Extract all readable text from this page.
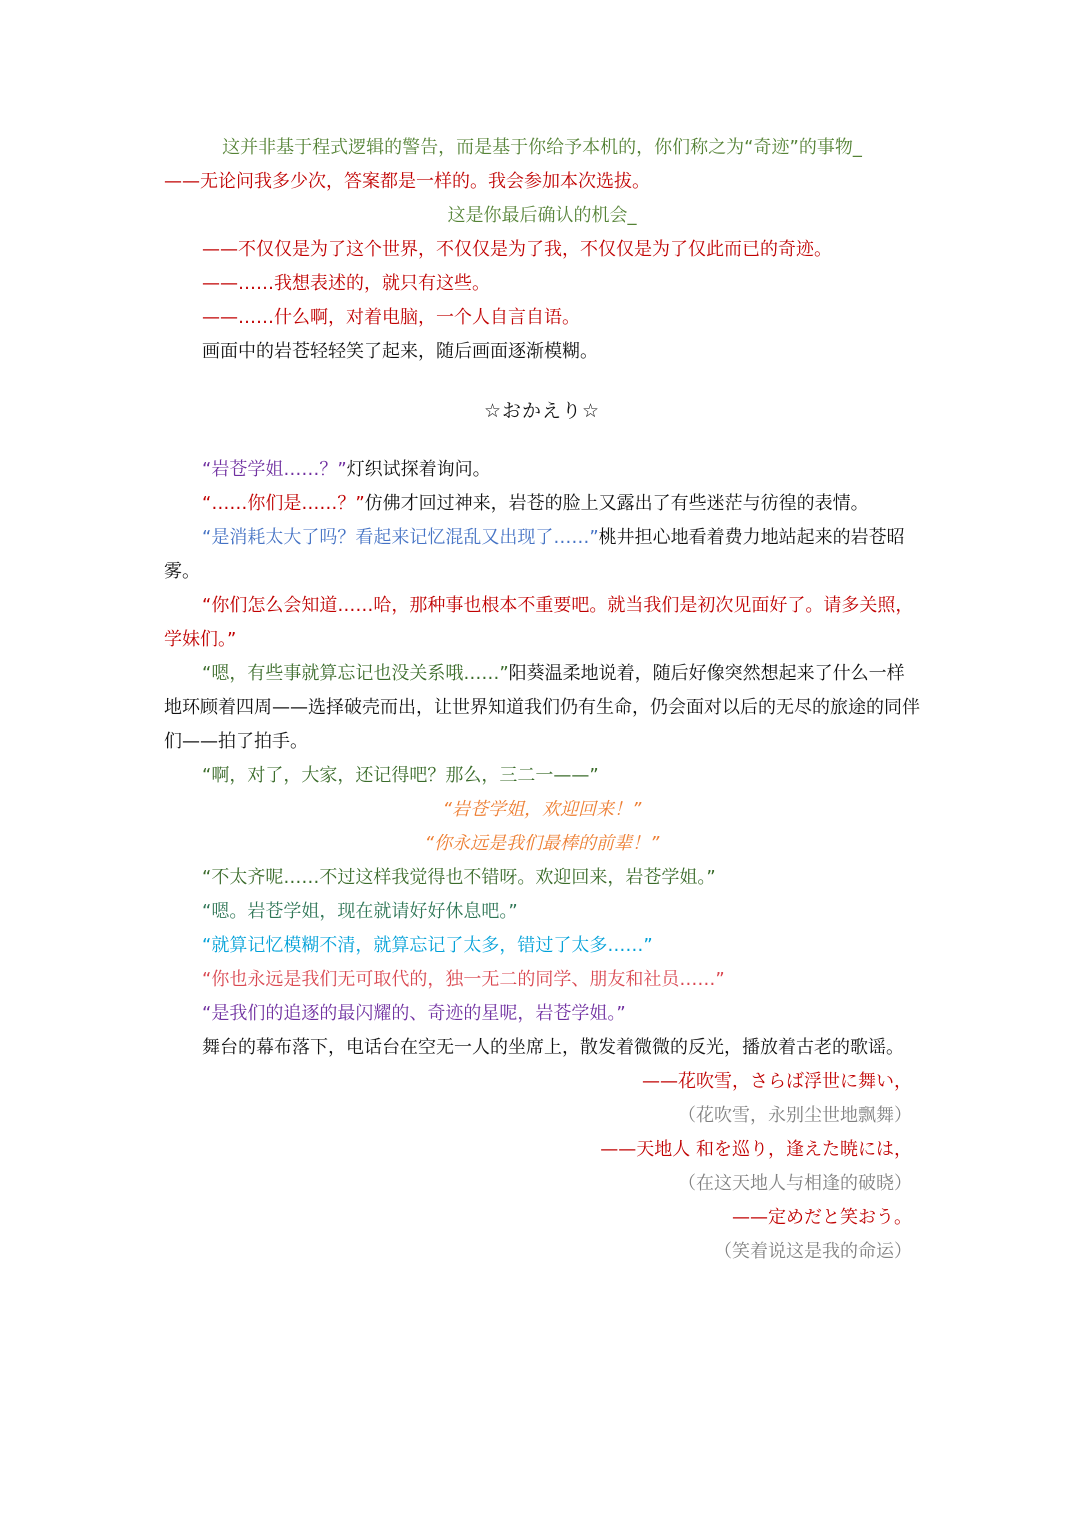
这并非基于程式逻辑的警告，而是基于你给予本机的，你们称之为“奇迹”的事物_
——无论问我多少次，答案都是一样的。我会参加本次选拔。
这是你最后确认的机会_
——不仅仅是为了这个世界，不仅仅是为了我，不仅仅是为了仅此而已的奇迹。
——……我想表述的，就只有这些。
——……什么啊，对着电脑，一个人自言自语。
画面中的岩苍轻轻笑了起来，随后画面逐渐模糊。
☆おかえり☆
“岩苍学姐……？”灯织试探着询问。
“……你们是……？”仿佛才回过神来，岩苍的脸上又露出了有些迷茫与彷徨的表情。
“是消耗太大了吗？看起来记忆混乱又出现了……”桃井担心地看着费力地站起来的岩苍昭雾。
“你们怎么会知道……哈，那种事也根本不重要吧。就当我们是初次见面好了。请多关照，学妹们。”
“嗯，有些事就算忘记也没关系哦……”阳葵温柔地说着，随后好像突然想起来了什么一样地环顾着四周——选择破壳而出，让世界知道我们仍有生命，仍会面对以后的无尽的旅途的同伴们——拍了拍手。
“啊，对了，大家，还记得吧？那么，三二一——”
“岩苍学姐，欢迎回来！”
“你永远是我们最棒的前辈！”
“不太齐呢……不过这样我觉得也不错呀。欢迎回来，岩苍学姐。”
“嗯。岩苍学姐，现在就请好好休息吧。”
“就算记忆模糊不清，就算忘记了太多，错过了太多……”
“你也永远是我们无可取代的，独一无二的同学、朋友和社员……”
“是我们的追逐的最闪耀的、奇迹的星呢，岩苍学姐。”
舞台的幕布落下，电话台在空无一人的坐席上，散发着微微的反光，播放着古老的歌谣。
——花吹雪，さらば浮世に舞い，
（花吹雪，永别尘世地飘舞）
——天地人 和を巡り，逢えた暁には，
（在这天地人与相逢的破晓）
——定めだと笑おう。
（笑着说这是我的命运）
